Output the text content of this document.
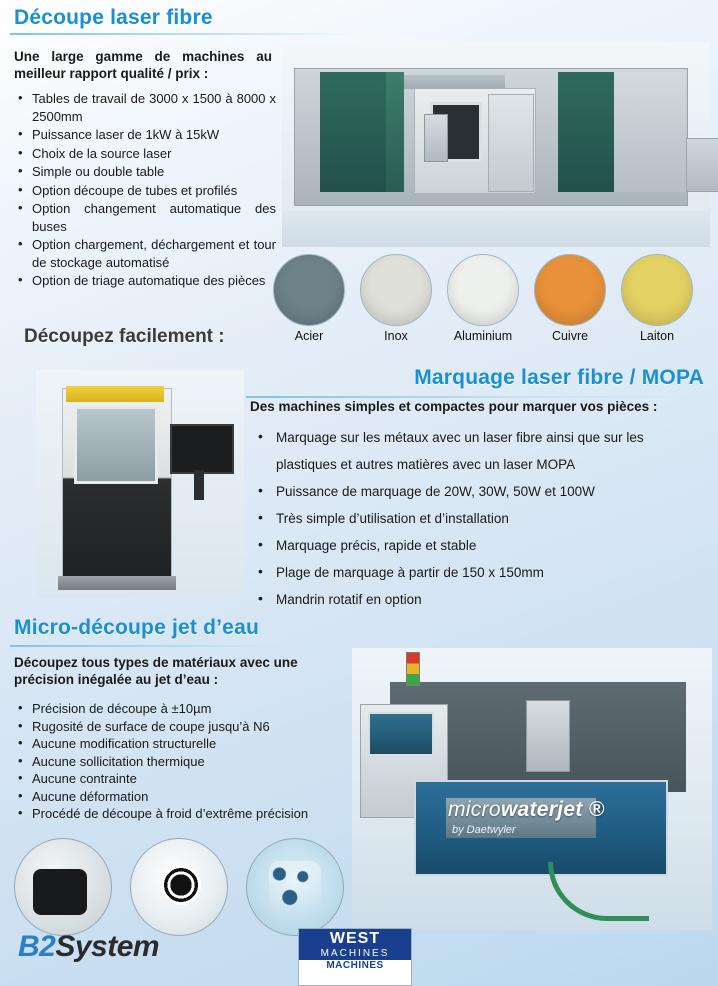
Découpe laser fibre
Une large gamme de machines au meilleur rapport qualité / prix :
• Tables de travail de 3000 x 1500 à 8000 x 2500mm
• Puissance laser de 1kW à 15kW
• Choix de la source laser
• Simple ou double table
• Option découpe de tubes et profilés
• Option changement automatique des buses
• Option chargement, déchargement et tour de stockage automatisé
• Option de triage automatique des pièces
Découpez facilement :	Acier	Inox	Aluminium	Cuivre	Laiton
Marquage laser fibre / MOPA
Des machines simples et compactes pour marquer vos pièces :
• Marquage sur les métaux avec un laser fibre ainsi que sur les plastiques et autres matières avec un laser MOPA
• Puissance de marquage de 20W, 30W, 50W et 100W
• Très simple d’utilisation et d’installation
• Marquage précis, rapide et stable
• Plage de marquage à partir de 150 x 150mm
• Mandrin rotatif en option
Micro-découpe jet d’eau
Découpez tous types de matériaux avec une précision inégalée au jet d’eau :
• Précision de découpe à ±10µm
• Rugosité de surface de coupe jusqu’à N6
• Aucune modification structurelle
• Aucune sollicitation thermique
• Aucune contrainte
• Aucune déformation
• Procédé de découpe à froid d’extrême précision	microwaterjet ®
by Daetwyler
B2System	WEST
MACHINES
MACHINES
